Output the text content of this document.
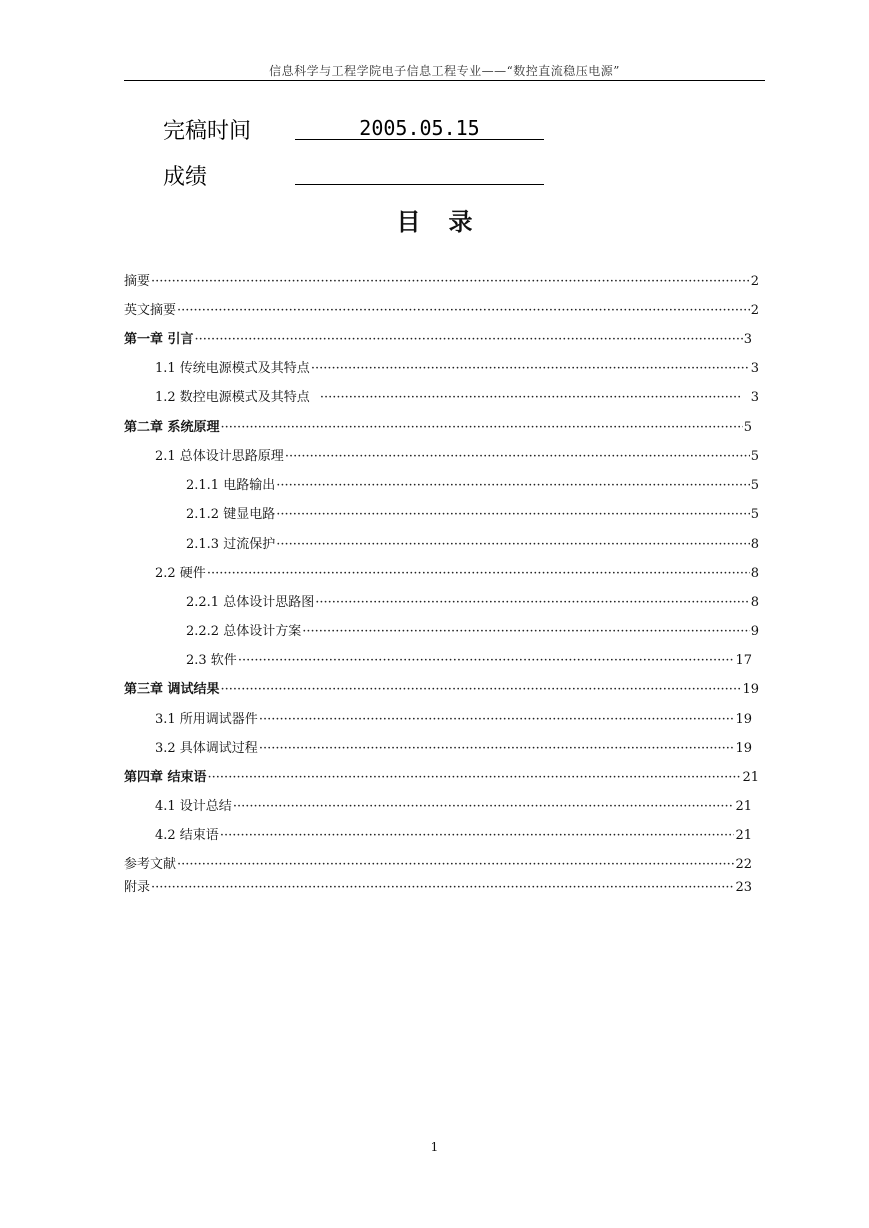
信息科学与工程学院电子信息工程专业——“数控直流稳压电源”
完稿时间	2005.05.15
成绩
目录
摘要 ·····	2
英文摘要 ·····	2
第一章 引言 ·····	3
1.1 传统电源模式及其特点 ·····	3
1.2 数控电源模式及其特点 ·····	3
第二章 系统原理 ·····	5
2.1 总体设计思路原理 ·····	5
2.1.1 电路输出 ·····	5
2.1.2 键显电路 ·····	5
2.1.3 过流保护 ·····	8
2.2 硬件 ·····	8
2.2.1 总体设计思路图 ·····	8
2.2.2 总体设计方案 ·····	9
2.3 软件 ·····	17
第三章 调试结果 ·····	19
3.1 所用调试器件 ·····	19
3.2 具体调试过程 ·····	19
第四章 结束语 ·····	21
4.1 设计总结 ·····	21
4.2 结束语 ·····	21
参考文献 ·····	22
附录 ·····	23
1
